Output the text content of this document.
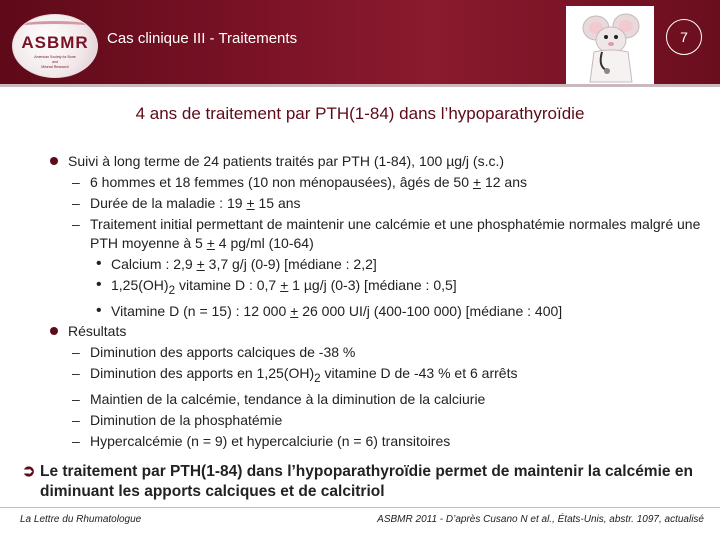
ASBMR
American Society for Bone
and
Mineral Research
Cas clinique III - Traitements	7
4 ans de traitement par PTH(1-84) dans l’hypoparathyroïdie

Suivi à long terme de 24 patients traités par PTH (1-84), 100 µg/j (s.c.)

– 6 hommes et 18 femmes (10 non ménopausées), âgés de 50 + 12 ans
– Durée de la maladie : 19 + 15 ans
– Traitement initial permettant de maintenir une calcémie et une phosphatémie normales malgré une PTH moyenne à 5 + 4 pg/ml (10-64)
• Calcium : 2,9 + 3,7 g/j (0-9) [médiane : 2,2]
• $1,25(OH)_2$ vitamine D : 0,7 + 1 µg/j (0-3) [médiane : 0,5]
• Vitamine D (n = 15) : 12 000 + 26 000 UI/j (400-100 000) [médiane : 400]

Résultats

– Diminution des apports calciques de -38 %
– Diminution des apports en $1,25(OH)_2$ vitamine D de -43 % et 6 arrêts
– Maintien de la calcémie, tendance à la diminution de la calciurie
– Diminution de la phosphatémie
– Hypercalcémie (n = 9) et hypercalciurie (n = 6) transitoires
➲ Le traitement par PTH(1-84) dans l’hypoparathyroïdie permet de maintenir la calcémie en diminuant les apports calciques et de calcitriol
La Lettre du Rhumatologue	ASBMR 2011 - D’après Cusano N et al., États-Unis, abstr. 1097, actualisé
